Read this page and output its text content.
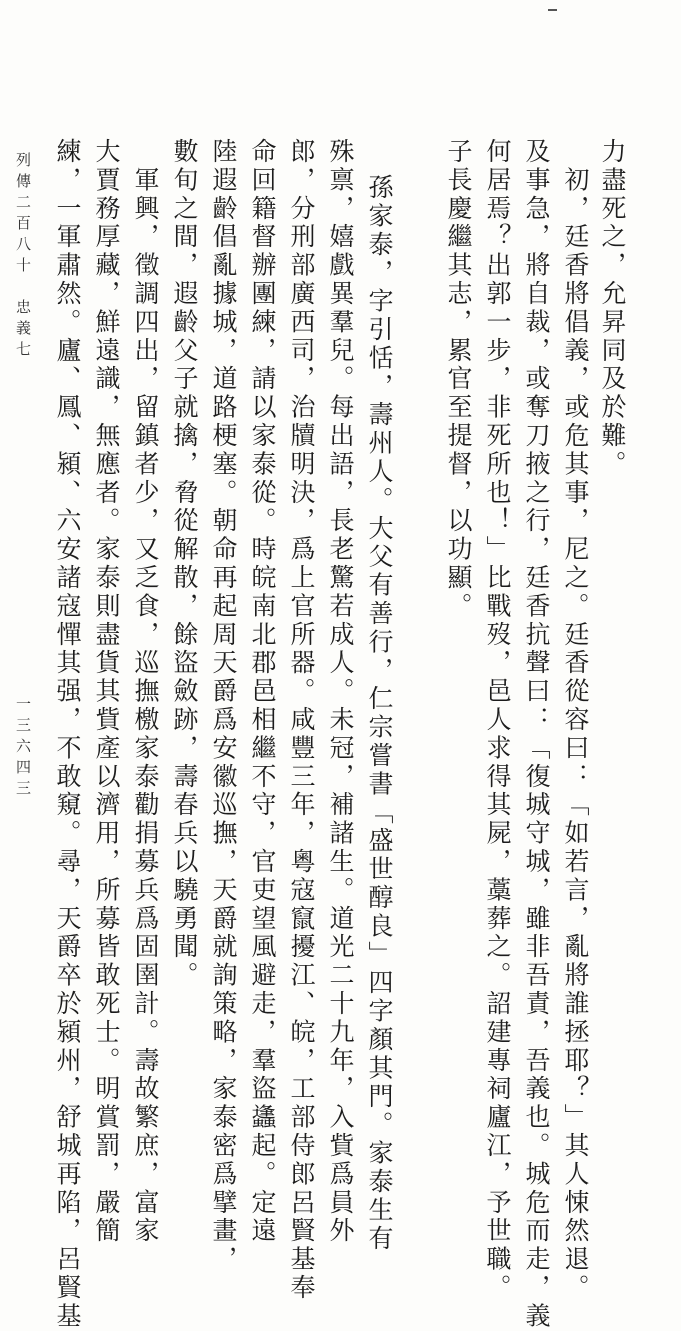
力盡死之，允昇同及於難。
　初，廷香將倡義，或危其事，尼之。廷香從容曰：「如若言，亂將誰拯耶？」其人悚然退。
及事急，將自裁，或奪刀掖之行，廷香抗聲曰：「復城守城，雖非吾責，吾義也。城危而走，義
何居焉？出郭一步，非死所也！」比戰歿，邑人求得其屍，藁葬之。詔建專祠廬江，予世職。
子長慶繼其志，累官至提督，以功顯。
孫家泰，字引恬，壽州人。大父有善行，仁宗嘗書「盛世醇良」四字顏其門。家泰生有
殊禀，嬉戲異羣兒。每出語，長老驚若成人。未冠，補諸生。道光二十九年，入貲爲員外
郎，分刑部廣西司，治牘明決，爲上官所器。咸豐三年，粵寇竄擾江、皖，工部侍郎呂賢基奉
命回籍督辦團練，請以家泰從。時皖南北郡邑相繼不守，官吏望風避走，羣盜蠭起。定遠
陸遐齡倡亂據城，道路梗塞。朝命再起周天爵爲安徽巡撫，天爵就詢策略，家泰密爲擘畫，
數旬之間，遐齡父子就擒，脅從解散，餘盜斂跡，壽春兵以驍勇聞。
　軍興，徵調四出，留鎮者少，又乏食，巡撫檄家泰勸捐募兵爲固圉計。壽故繁庶，富家
大賈務厚藏，鮮遠識，無應者。家泰則盡貨其貲產以濟用，所募皆敢死士。明賞罰，嚴簡
練，一軍肅然。廬、鳳、潁、六安諸寇憚其强，不敢窺。尋，天爵卒於潁州，舒城再陷，呂賢基
列傳二百八十　忠義七
一三六四三
